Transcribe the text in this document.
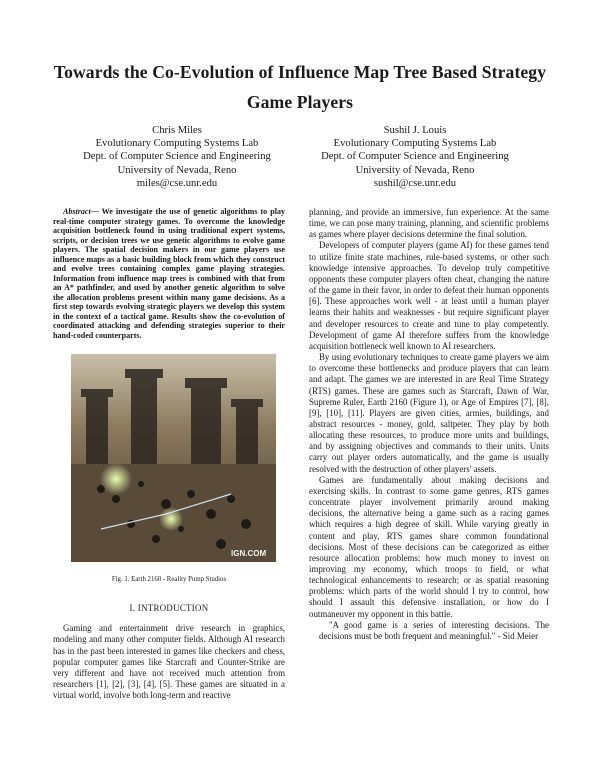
Towards the Co-Evolution of Influence Map Tree Based Strategy Game Players
Chris Miles
Evolutionary Computing Systems Lab
Dept. of Computer Science and Engineering
University of Nevada, Reno
miles@cse.unr.edu
Sushil J. Louis
Evolutionary Computing Systems Lab
Dept. of Computer Science and Engineering
University of Nevada, Reno
sushil@cse.unr.edu

Abstract— We investigate the use of genetic algorithms to play real-time computer strategy games. To overcome the knowledge acquisition bottleneck found in using traditional expert systems, scripts, or decision trees we use genetic algorithms to evolve game players. The spatial decision makers in our game players use influence maps as a basic building block from which they construct and evolve trees containing complex game playing strategies. Information from influence map trees is combined with that from an A* pathfinder, and used by another genetic algorithm to solve the allocation problems present within many game decisions. As a first step towards evolving strategic players we develop this system in the context of a tactical game. Results show the co-evolution of coordinated attacking and defending strategies superior to their hand-coded counterparts.

IGN.COM
Fig. 1. Earth 2160 - Reality Pump Studios
I. INTRODUCTION

Gaming and entertainment drive research in graphics, modeling and many other computer fields. Although AI research has in the past been interested in games like checkers and chess, popular computer games like Starcraft and Counter-Strike are very different and have not received much attention from researchers [1], [2], [3], [4], [5]. These games are situated in a virtual world, involve both long-term and reactive

planning, and provide an immersive, fun experience. At the same time, we can pose many training, planning, and scientific problems as games where player decisions determine the final solution.

Developers of computer players (game AI) for these games tend to utilize finite state machines, rule-based systems, or other such knowledge intensive approaches. To develop truly competitive opponents these computer players often cheat, changing the nature of the game in their favor, in order to defeat their human opponents [6]. These approaches work well - at least until a human player learns their habits and weaknesses - but require significant player and developer resources to create and tune to play competently. Development of game AI therefore suffers from the knowledge acquisition bottleneck well known to AI researchers.

By using evolutionary techniques to create game players we aim to overcome these bottlenecks and produce players that can learn and adapt. The games we are interested in are Real Time Strategy (RTS) games. These are games such as Starcraft, Dawn of War, Supreme Ruler, Earth 2160 (Figure 1), or Age of Empires [7], [8], [9], [10], [11]. Players are given cities, armies, buildings, and abstract resources - money, gold, saltpeter. They play by both allocating these resources, to produce more units and buildings, and by assigning objectives and commands to their units. Units carry out player orders automatically, and the game is usually resolved with the destruction of other players' assets.

Games are fundamentally about making decisions and exercising skills. In contrast to some game genres, RTS games concentrate player involvement primarily around making decisions, the alternative being a game such as a racing games which requires a high degree of skill. While varying greatly in content and play, RTS games share common foundational decisions. Most of these decisions can be categorized as either resource allocation problems: how much money to invest on improving my economy, which troops to field, or what technological enhancements to research; or as spatial reasoning problems: which parts of the world should I try to control, how should I assault this defensive installation, or how do I outmaneuver my opponent in this battle.

"A good game is a series of interesting decisions. The decisions must be both frequent and meaningful." - Sid Meier
